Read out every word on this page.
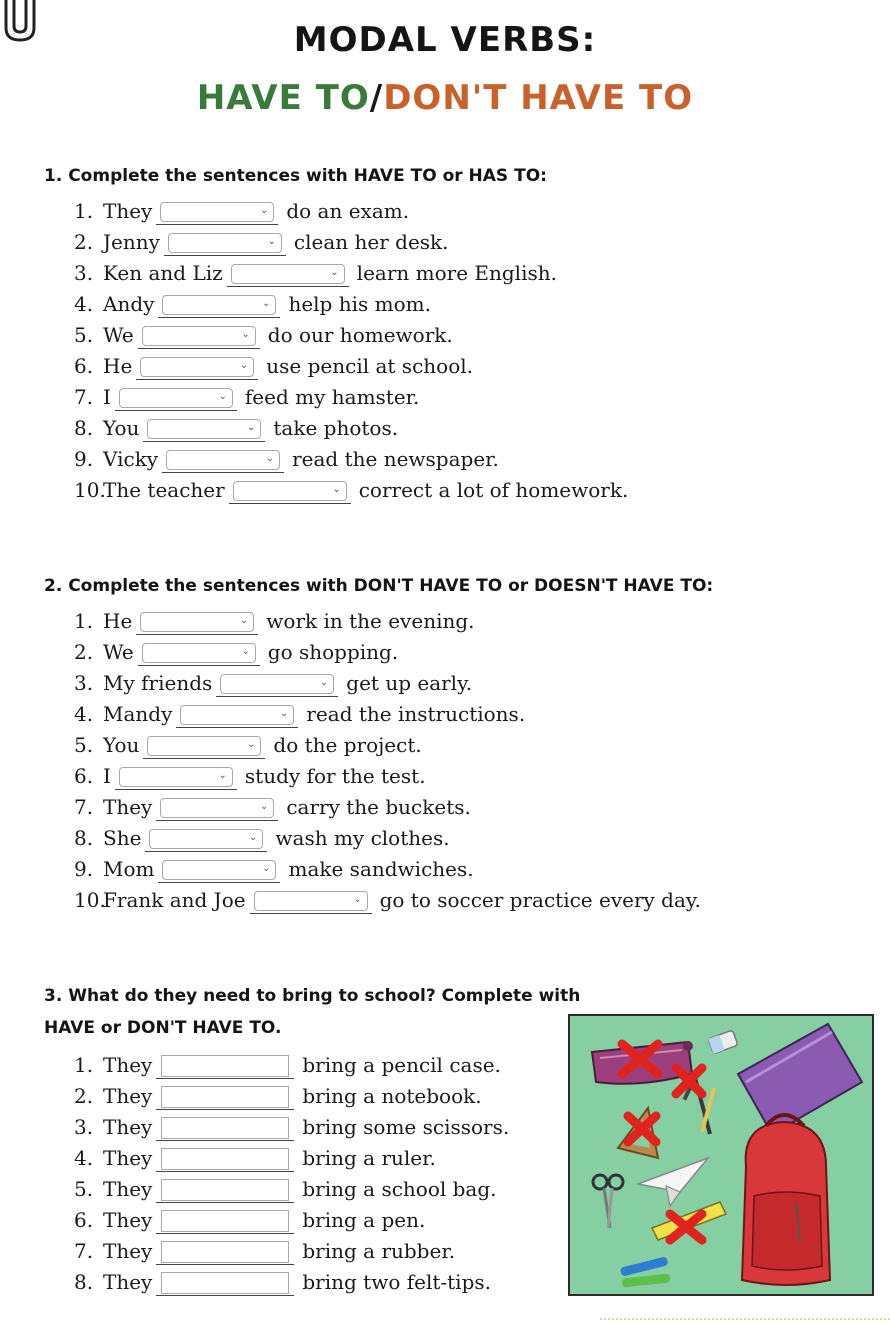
MODAL VERBS:
HAVE TO/DON'T HAVE TO
1. Complete the sentences with HAVE TO or HAS TO:
1. They	⌄ do an exam.
2. Jenny	⌄ clean her desk.
3. Ken and Liz	⌄ learn more English.
4. Andy	⌄ help his mom.
5. We	⌄ do our homework.
6. He	⌄ use pencil at school.
7. I	⌄ feed my hamster.
8. You	⌄ take photos.
9. Vicky	⌄ read the newspaper.
10.
The teacher	⌄ correct a lot of homework.
2. Complete the sentences with DON'T HAVE TO or DOESN'T HAVE TO:
1. He	⌄ work in the evening.
2. We	⌄ go shopping.
3. My friends	⌄ get up early.
4. Mandy	⌄ read the instructions.
5. You	⌄ do the project.
6. I	⌄ study for the test.
7. They	⌄ carry the buckets.
8. She	⌄ wash my clothes.
9. Mom	⌄ make sandwiches.
10.
Frank and Joe	⌄ go to soccer practice every day.
3. What do they need to bring to school? Complete with
HAVE or DON'T HAVE TO.
1. They	bring a pencil case.
2. They	bring a notebook.
3. They	bring some scissors.
4. They	bring a ruler.
5. They	bring a school bag.
6. They	bring a pen.
7. They	bring a rubber.
8. They	bring two felt-tips.
